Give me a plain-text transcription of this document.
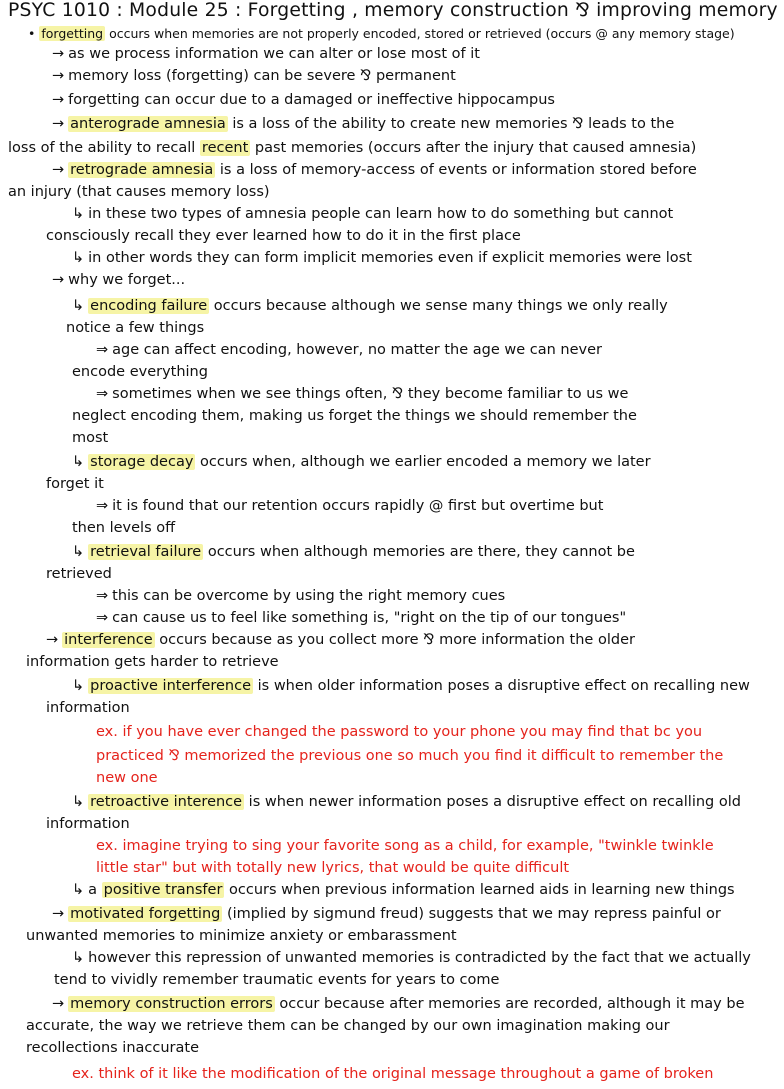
PSYC 1010 : Module 25 : Forgetting , memory construction ⅋ improving memory
• forgetting occurs when memories are not properly encoded, stored or retrieved (occurs @ any memory stage)
→ as we process information we can alter or lose most of it
→ memory loss (forgetting) can be severe ⅋ permanent
→ forgetting can occur due to a damaged or ineffective hippocampus
→ anterograde amnesia is a loss of the ability to create new memories ⅋ leads to the
loss of the ability to recall recent past memories (occurs after the injury that caused amnesia)
→ retrograde amnesia is a loss of memory-access of events or information stored before
an injury (that causes memory loss)
↳ in these two types of amnesia people can learn how to do something but cannot
consciously recall they ever learned how to do it in the first place
↳ in other words they can form implicit memories even if explicit memories were lost
→ why we forget...
↳ encoding failure occurs because although we sense many things we only really
notice a few things
⇒ age can affect encoding, however, no matter the age we can never
encode everything
⇒ sometimes when we see things often, ⅋ they become familiar to us we
neglect encoding them, making us forget the things we should remember the
most
↳ storage decay occurs when, although we earlier encoded a memory we later
forget it
⇒ it is found that our retention occurs rapidly @ first but overtime but
then levels off
↳ retrieval failure occurs when although memories are there, they cannot be
retrieved
⇒ this can be overcome by using the right memory cues
⇒ can cause us to feel like something is, "right on the tip of our tongues"
→ interference occurs because as you collect more ⅋ more information the older
information gets harder to retrieve
↳ proactive interference is when older information poses a disruptive effect on recalling new
information
ex. if you have ever changed the password to your phone you may find that bc you
practiced ⅋ memorized the previous one so much you find it difficult to remember the
new one
↳ retroactive interence is when newer information poses a disruptive effect on recalling old
information
ex. imagine trying to sing your favorite song as a child, for example, "twinkle twinkle
little star" but with totally new lyrics, that would be quite difficult
↳ a positive transfer occurs when previous information learned aids in learning new things
→ motivated forgetting (implied by sigmund freud) suggests that we may repress painful or
unwanted memories to minimize anxiety or embarassment
↳ however this repression of unwanted memories is contradicted by the fact that we actually
tend to vividly remember traumatic events for years to come
→ memory construction errors occur because after memories are recorded, although it may be
accurate, the way we retrieve them can be changed by our own imagination making our
recollections inaccurate
ex. think of it like the modification of the original message throughout a game of broken
